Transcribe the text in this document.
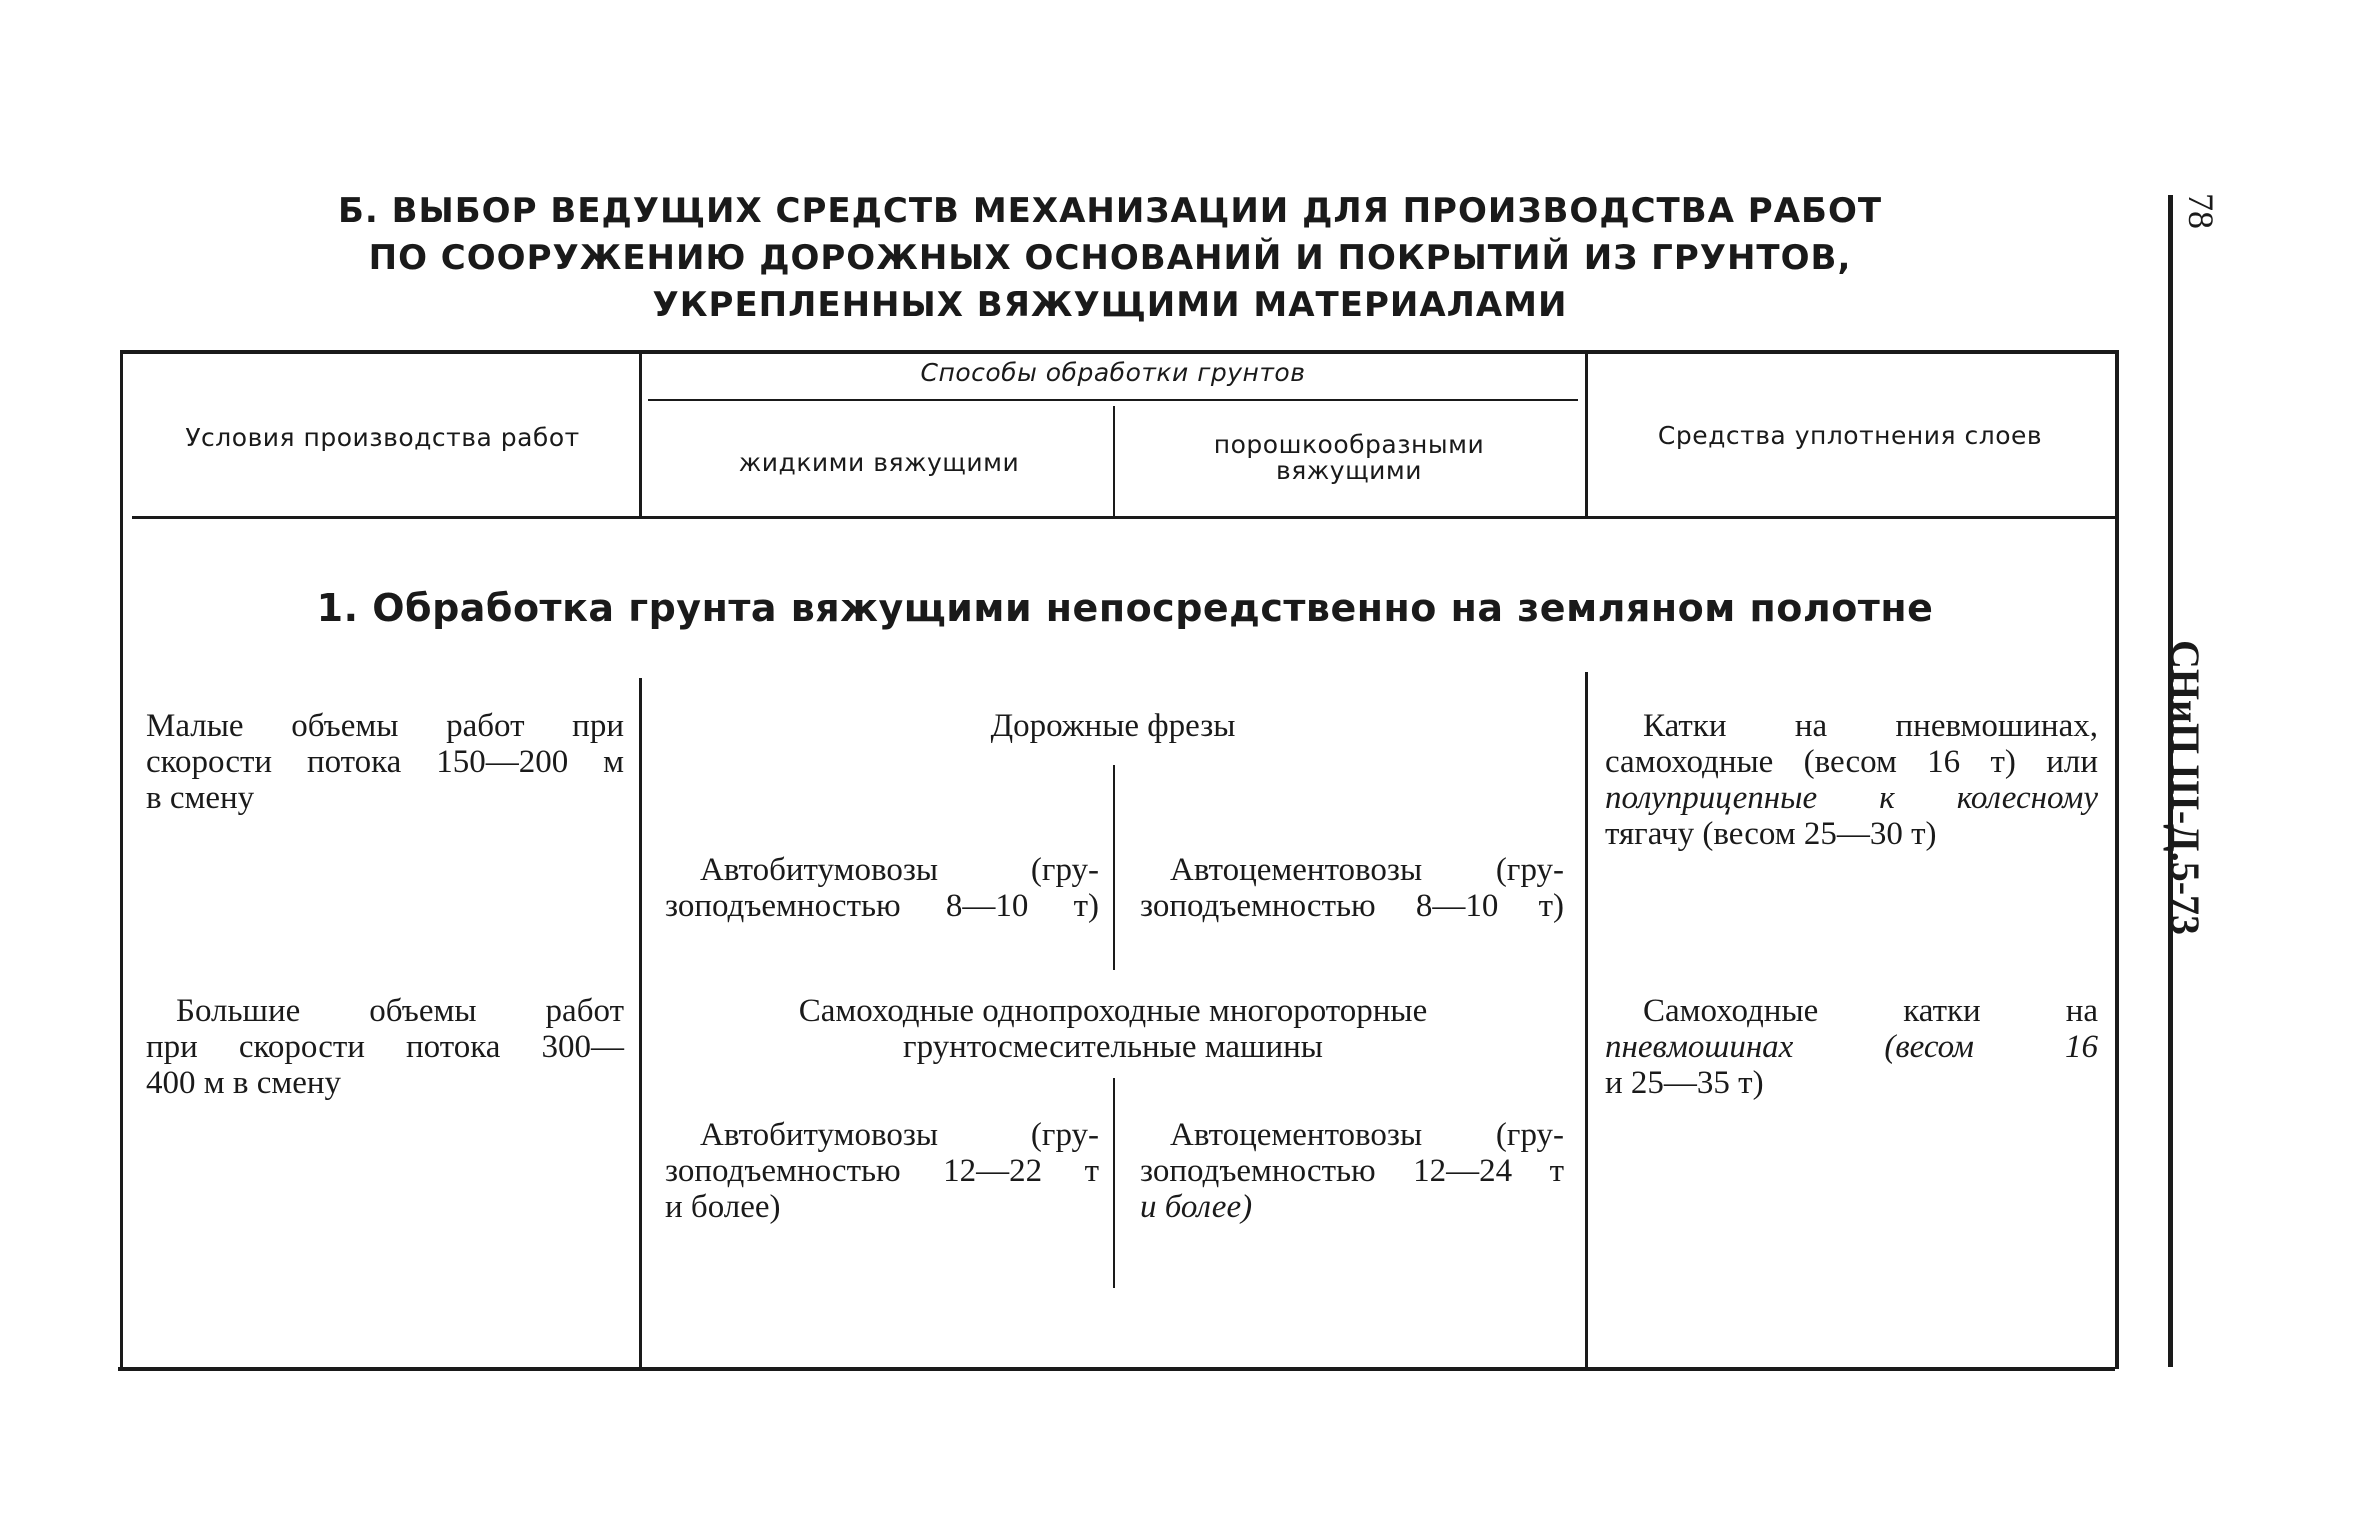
Б. ВЫБОР ВЕДУЩИХ СРЕДСТВ МЕХАНИЗАЦИИ ДЛЯ ПРОИЗВОДСТВА РАБОТ
ПО СООРУЖЕНИЮ ДОРОЖНЫХ ОСНОВАНИЙ И ПОКРЫТИЙ ИЗ ГРУНТОВ,
УКРЕПЛЕННЫХ ВЯЖУЩИМИ МАТЕРИАЛАМИ
Условия производства работ
Способы обработки грунтов
жидкими вяжущими
порошкообразными
вяжущими
Средства уплотнения слоев
1. Обработка грунта вяжущими непосредственно на земляном полотне
Малые объемы работ при
скорости потока 150—200 м
в смену
Дорожные фрезы
Автобитумовозы (гру-
зоподъемностью 8—10 т)
Автоцементовозы (гру-
зоподъемностью 8—10 т)
Катки на пневмошинах,
самоходные (весом 16 т) или
полуприцепные к колесному
тягачу (весом 25—30 т)
Большие объемы работ
при скорости потока 300—
400 м в смену
Самоходные однопроходные многороторные
грунтосмесительные машины
Автобитумовозы (гру-
зоподъемностью 12—22 т
и более)
Автоцементовозы (гру-
зоподъемностью 12—24 т
и более)
Самоходные катки на
пневмошинах (весом 16
и 25—35 т)
78
СНиП III-Д.5-73
